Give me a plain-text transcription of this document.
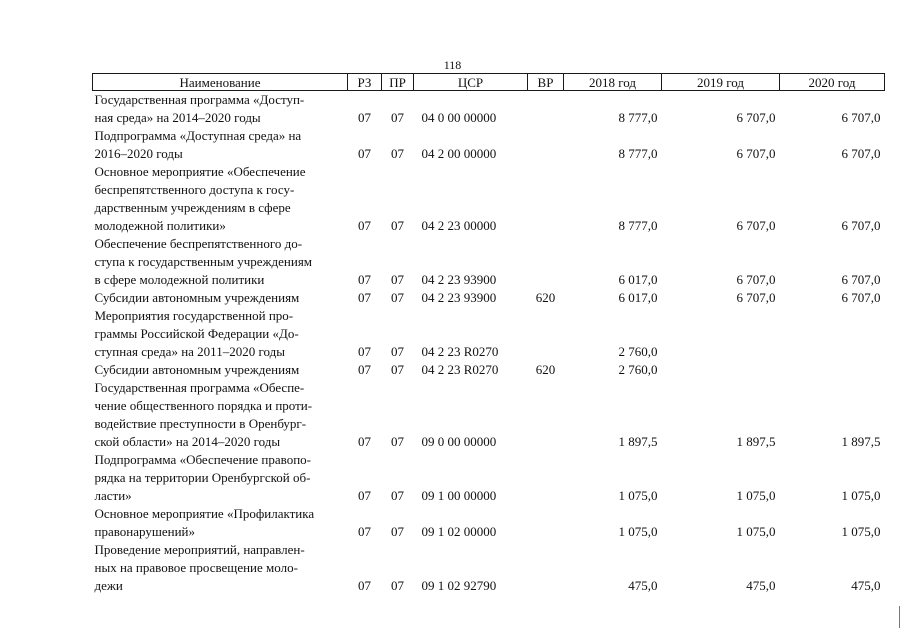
118
Наименование	РЗ	ПР	ЦСР	ВР	2018 год	2019 год	2020 год

Государственная программа «Доступ-
ная среда» на 2014–2020 годы	07	07	04 0 00 00000		8 777,0	6 707,0	6 707,0

Подпрограмма «Доступная среда» на
2016–2020 годы	07	07	04 2 00 00000		8 777,0	6 707,0	6 707,0

Основное мероприятие «Обеспечение
беспрепятственного доступа к госу-
дарственным учреждениям в сфере
молодежной политики»	07	07	04 2 23 00000		8 777,0	6 707,0	6 707,0

Обеспечение беспрепятственного до-
ступа к государственным учреждениям
в сфере молодежной политики	07	07	04 2 23 93900		6 017,0	6 707,0	6 707,0

Субсидии автономным учреждениям	07	07	04 2 23 93900	620	6 017,0	6 707,0	6 707,0

Мероприятия государственной про-
граммы Российской Федерации «До-
ступная среда» на 2011–2020 годы	07	07	04 2 23 R0270		2 760,0		

Субсидии автономным учреждениям	07	07	04 2 23 R0270	620	2 760,0		

Государственная программа «Обеспе-
чение общественного порядка и проти-
водействие преступности в Оренбург-
ской области» на 2014–2020 годы	07	07	09 0 00 00000		1 897,5	1 897,5	1 897,5

Подпрограмма «Обеспечение правопо-
рядка на территории Оренбургской об-
ласти»	07	07	09 1 00 00000		1 075,0	1 075,0	1 075,0

Основное мероприятие «Профилактика
правонарушений»	07	07	09 1 02 00000		1 075,0	1 075,0	1 075,0

Проведение мероприятий, направлен-
ных на правовое просвещение моло-
дежи	07	07	09 1 02 92790		475,0	475,0	475,0
